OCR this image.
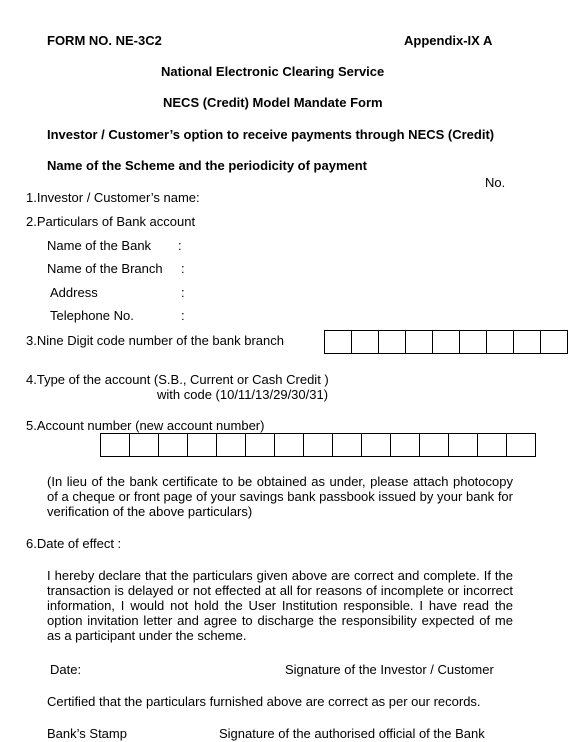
FORM NO. NE-3C2	Appendix-IX A
National Electronic Clearing Service
NECS (Credit) Model Mandate Form
Investor / Customer’s option to receive payments through NECS (Credit)
Name of the Scheme and the periodicity of payment
No.
1.Investor / Customer’s name:
2.Particulars of Bank account
Name of the Bank :
Name of the Branch :
Address	:
Telephone No.	:
3.Nine Digit code number of the bank branch
4.Type of the account (S.B., Current or Cash Credit )
with code (10/11/13/29/30/31)
5.Account number (new account number)
(In lieu of the bank certificate to be obtained as under, please attach photocopy of a cheque or front page of your savings bank passbook issued by your bank for verification of the above particulars)
6.Date of effect :
I hereby declare that the particulars given above are correct and complete. If the transaction is delayed or not effected at all for reasons of incomplete or incorrect information, I would not hold the User Institution responsible. I have read the option invitation letter and agree to discharge the responsibility expected of me as a participant under the scheme.
Date:	Signature of the Investor / Customer
Certified that the particulars furnished above are correct as per our records.
Bank’s Stamp	Signature of the authorised official of the Bank
